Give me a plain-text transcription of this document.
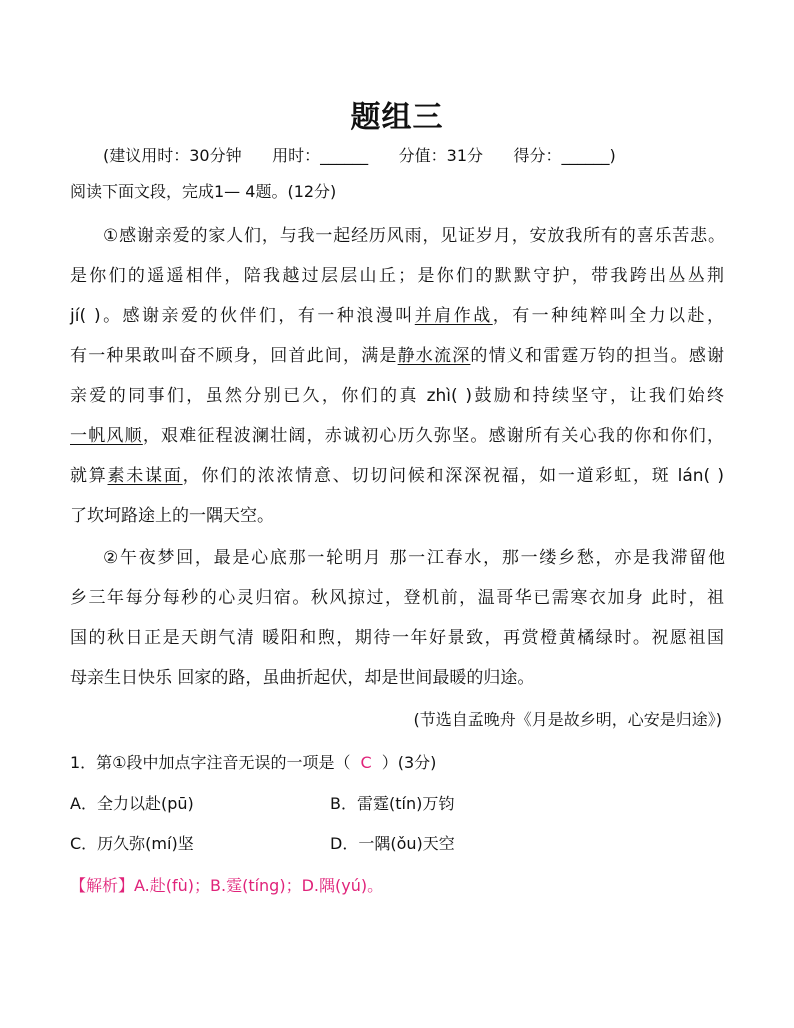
题组三
(建议用时：30分钟      用时：______      分值：31分      得分：______)
阅读下面文段，完成1— 4题。(12分)
①感谢亲爱的家人们，与我一起经历风雨，见证岁月，安放我所有的喜乐苦悲。
是你们的遥遥相伴，陪我越过层层山丘；是你们的默默守护，带我跨出丛丛荆
jí( )。感谢亲爱的伙伴们，有一种浪漫叫并肩作战，有一种纯粹叫全力以赴，
有一种果敢叫奋不顾身，回首此间，满是静水流深的情义和雷霆万钧的担当。感谢
亲爱的同事们，虽然分别已久，你们的真 zhì( )鼓励和持续坚守，让我们始终
一帆风顺，艰难征程波澜壮阔，赤诚初心历久弥坚。感谢所有关心我的你和你们，
就算素未谋面，你们的浓浓情意、切切问候和深深祝福，如一道彩虹，斑 lán( )
了坎坷路途上的一隅天空。
②午夜梦回，最是心底那一轮明月 那一江春水，那一缕乡愁，亦是我滞留他
乡三年每分每秒的心灵归宿。秋风掠过，登机前，温哥华已需寒衣加身 此时，祖
国的秋日正是天朗气清 暖阳和煦，期待一年好景致，再赏橙黄橘绿时。祝愿祖国
母亲生日快乐 回家的路，虽曲折起伏，却是世间最暖的归途。
(节选自孟晚舟《月是故乡明，心安是归途》)
1．第①段中加点字注音无误的一项是（ C ）(3分)
A．全力以赴(pū)	B．雷霆(tín)万钧
C．历久弥(mí)坚	D．一隅(ǒu)天空
【解析】A.赴(fù)；B.霆(tíng)；D.隅(yú)。
